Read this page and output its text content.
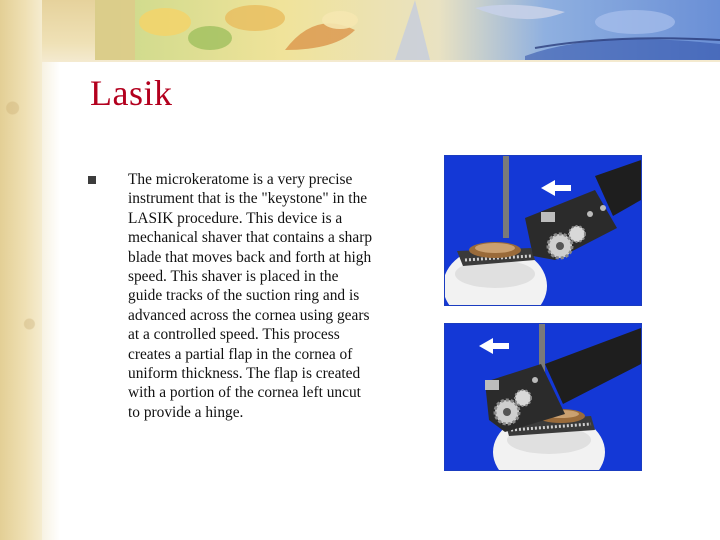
Lasik

The microkeratome is a very precise instrument that is the "keystone" in the LASIK procedure. This device is a mechanical shaver that contains a sharp blade that moves back and forth at high speed. This shaver is placed in the guide tracks of the suction ring and is advanced across the cornea using gears at a controlled speed. This process creates a partial flap in the cornea of uniform thickness. The flap is created with a portion of the cornea left uncut to provide a hinge.
